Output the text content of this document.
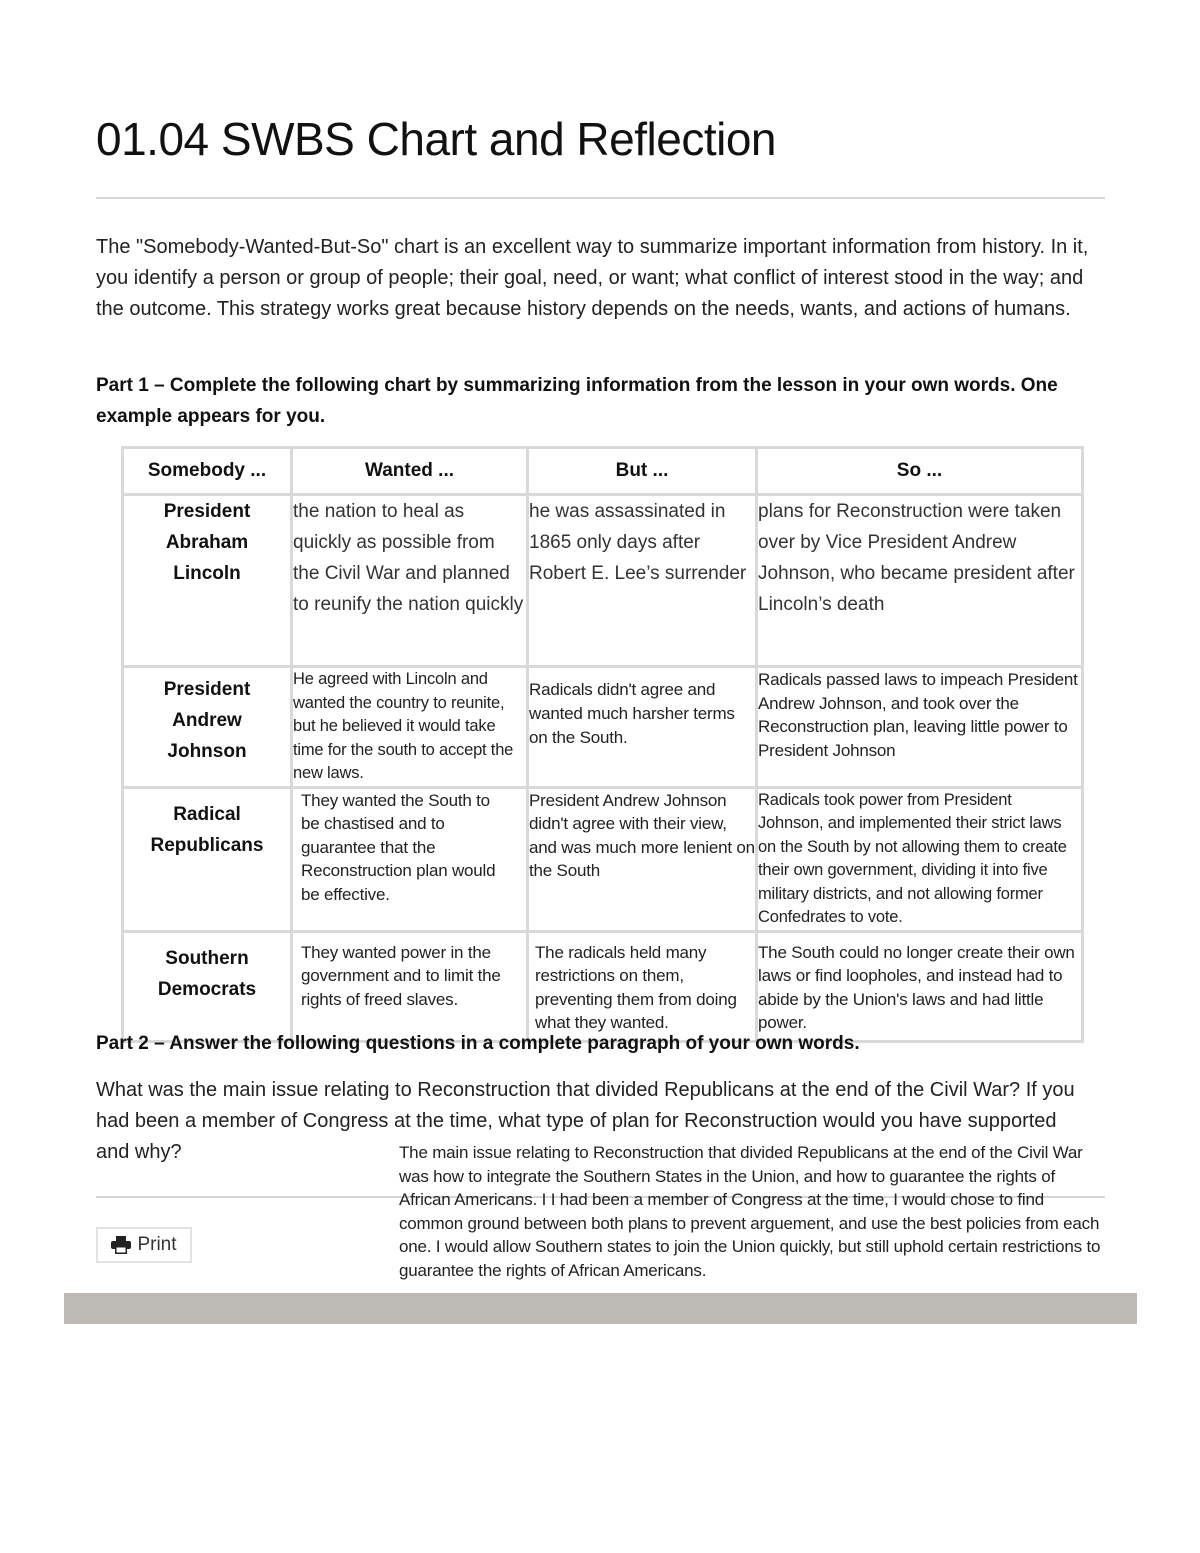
01.04 SWBS Chart and Reflection

The "Somebody-Wanted-But-So" chart is an excellent way to summarize important information from history. In it, you identify a person or group of people; their goal, need, or want; what conflict of interest stood in the way; and the outcome. This strategy works great because history depends on the needs, wants, and actions of humans.

Part 1 – Complete the following chart by summarizing information from the lesson in your own words. One example appears for you.

Somebody ...	Wanted ...	But ...	So ...
President Abraham Lincoln	the nation to heal as quickly as possible from the Civil War and planned to reunify the nation quickly	he was assassinated in 1865 only days after Robert E. Lee’s surrender	plans for Reconstruction were taken over by Vice President Andrew Johnson, who became president after Lincoln’s death
President Andrew Johnson	He agreed with Lincoln and wanted the country to reunite, but he believed it would take time for the south to accept the new laws.	Radicals didn't agree and wanted much harsher terms on the South.	Radicals passed laws to impeach President Andrew Johnson, and took over the Reconstruction plan, leaving little power to President Johnson
Radical Republicans	They wanted the South to be chastised and to guarantee that the Reconstruction plan would be effective.	President Andrew Johnson didn't agree with their view, and was much more lenient on the South	Radicals took power from President Johnson, and implemented their strict laws on the South by not allowing them to create their own government, dividing it into five military districts, and not allowing former Confedrates to vote.
Southern Democrats	They wanted power in the government and to limit the rights of freed slaves.	The radicals held many restrictions on them, preventing them from doing what they wanted.	The South could no longer create their own laws or find loopholes, and instead had to abide by the Union's laws and had little power.

Part 2 – Answer the following questions in a complete paragraph of your own words.

What was the main issue relating to Reconstruction that divided Republicans at the end of the Civil War? If you had been a member of Congress at the time, what type of plan for Reconstruction would you have supported and why?	The main issue relating to Reconstruction that divided Republicans at the end of the Civil War was how to integrate the Southern States in the Union, and how to guarantee the rights of African Americans. I I had been a member of Congress at the time, I would chose to find common ground between both plans to prevent arguement, and use the best policies from each one. I would allow Southern states to join the Union quickly, but still uphold certain restrictions to guarantee the rights of African Americans.

Print
